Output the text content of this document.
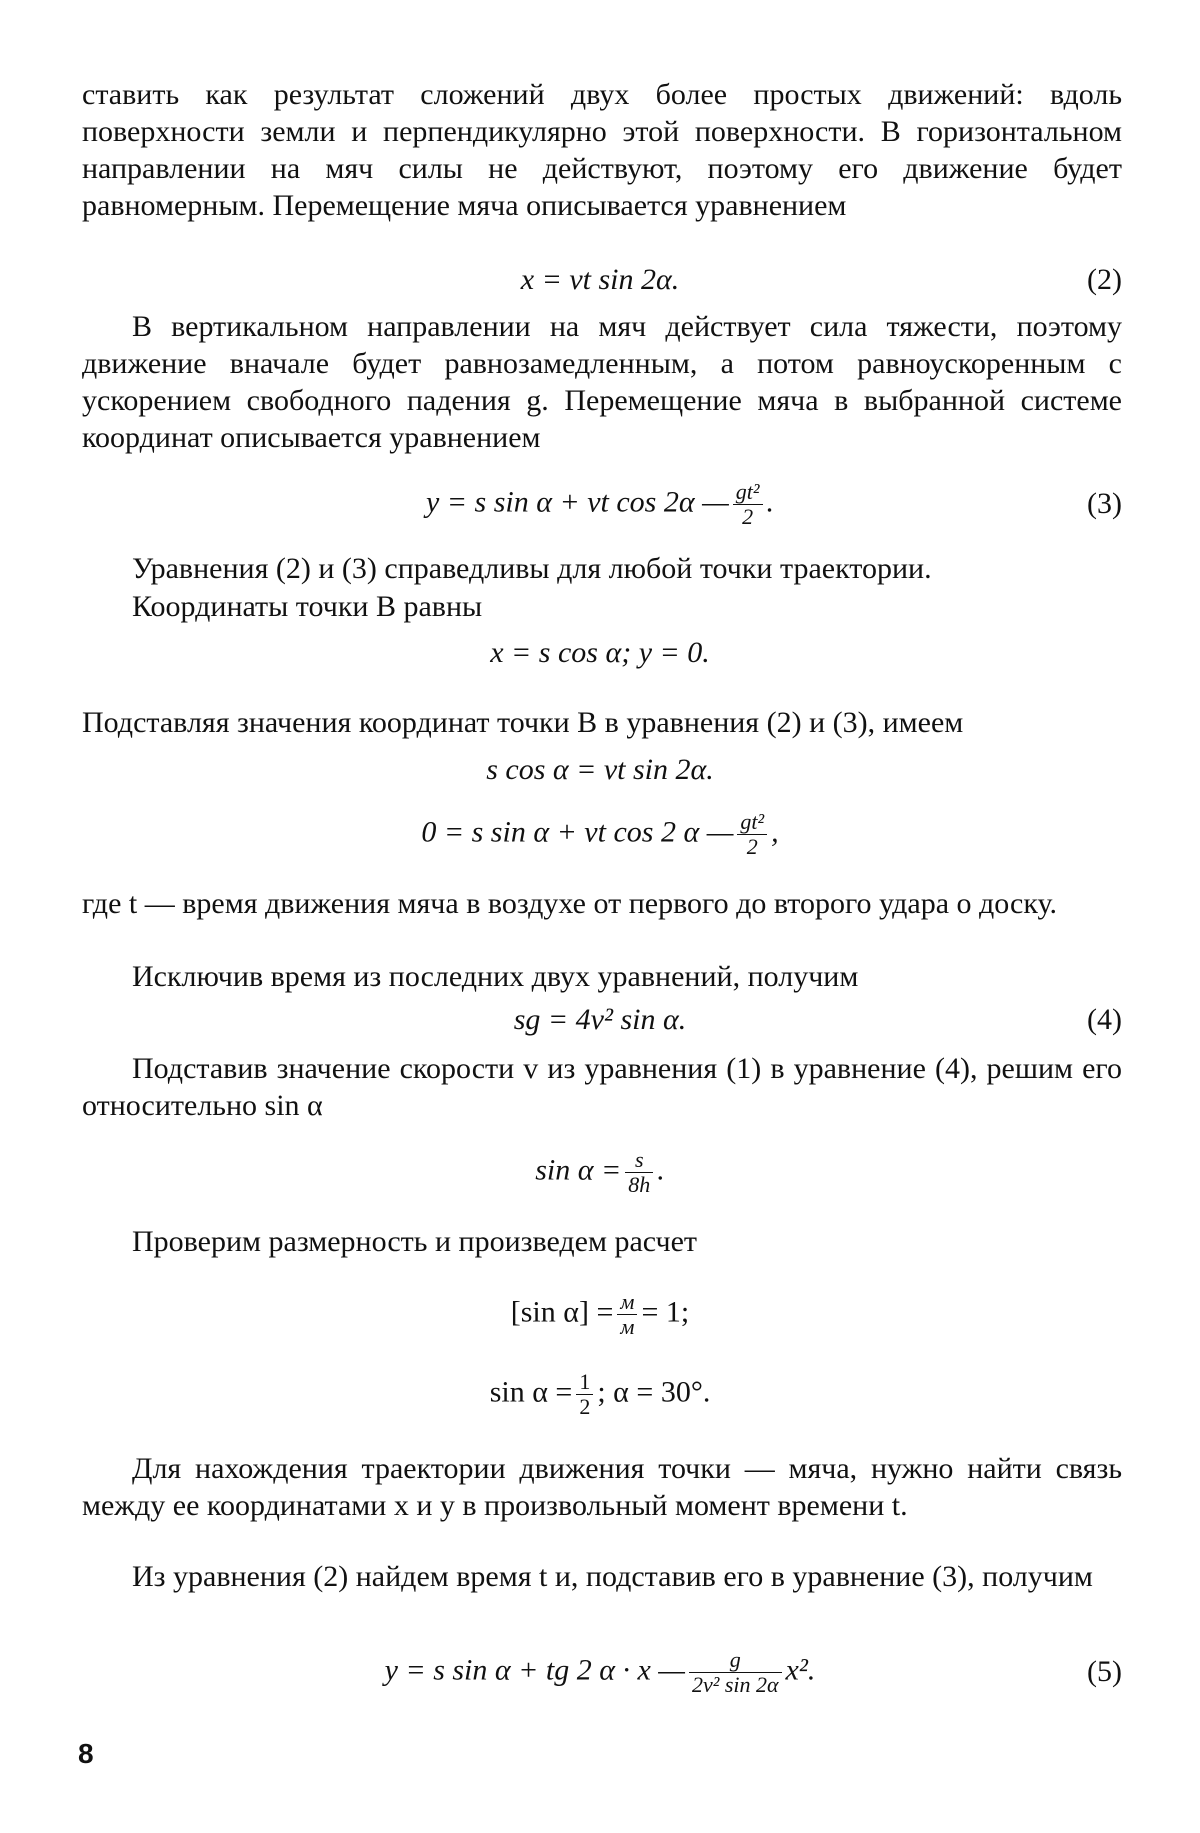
ставить как результат сложений двух более простых движений: вдоль поверхности земли и перпендикулярно этой поверхности. В горизонтальном направлении на мяч силы не действуют, поэтому его движение будет равномерным. Перемещение мяча описывается уравнением

x = vt sin 2α.	(2)

В вертикальном направлении на мяч действует сила тяжести, поэтому движение вначале будет равнозамедленным, а потом равноускоренным с ускорением свободного падения g. Перемещение мяча в выбранной системе координат описывается уравнением

y = s sin α + vt cos 2α — $\frac{\text{gt²}}{2}$ .	(3)

Уравнения (2) и (3) справедливы для любой точки траектории.

Координаты точки B равны

x = s cos α; y = 0.

Подставляя значения координат точки B в уравнения (2) и (3), имеем

s cos α = vt sin 2α.
0 = s sin α + vt cos 2 α — $\frac{\text{gt²}}{2}$ ,

где t — время движения мяча в воздухе от первого до второго удара о доску.

Исключив время из последних двух уравнений, получим

sg = 4v² sin α.	(4)

Подставив значение скорости v из уравнения (1) в уравнение (4), решим его относительно sin α

$\sin \alpha = \frac{s}{8h}$ .

Проверим размерность и произведем расчет

[sin $\alpha] = \frac{м}{м} = 1$;
$\sin \alpha = \frac{1}{2}$ ; α = 30°.

Для нахождения траектории движения точки — мяча, нужно найти связь между ее координатами x и y в произвольный момент времени t.

Из уравнения (2) найдем время t и, подставив его в уравнение (3), получим

y = s sin α + tg 2 α · x — $\frac{g}{\text{2v² sin 2α}} x^2$.	(5)
8
